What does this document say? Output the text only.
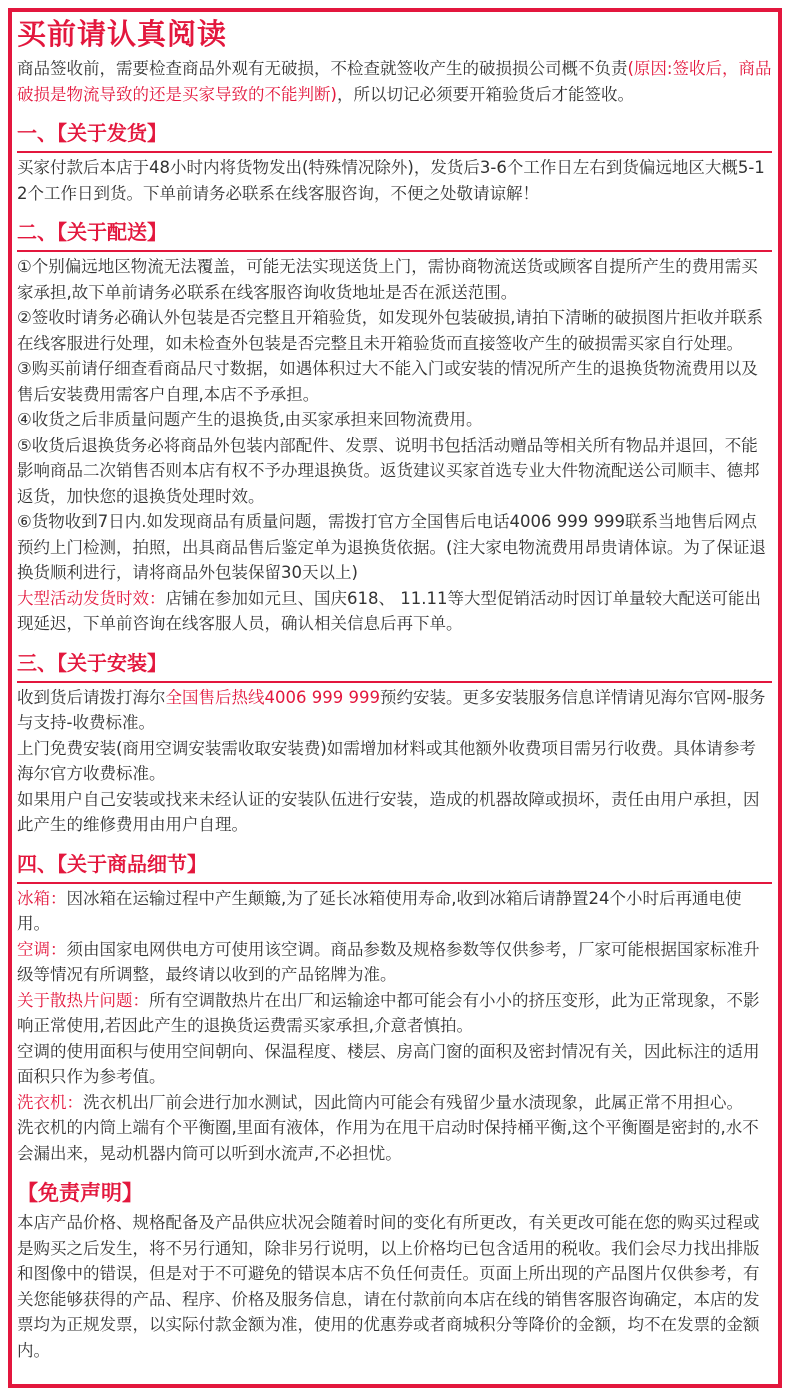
买前请认真阅读

商品签收前，需要检查商品外观有无破损，不检查就签收产生的破损损公司概不负责(原因:签收后，商品破损是物流导致的还是买家导致的不能判断)，所以切记必须要开箱验货后才能签收。

一、【关于发货】

买家付款后本店于48小时内将货物发出(特殊情况除外)，发货后3-6个工作日左右到货偏远地区大概5-12个工作日到货。下单前请务必联系在线客服咨询，不便之处敬请谅解！

二、【关于配送】

①个别偏远地区物流无法覆盖，可能无法实现送货上门，需协商物流送货或顾客自提所产生的费用需买家承担,故下单前请务必联系在线客服咨询收货地址是否在派送范围。

②签收时请务必确认外包装是否完整且开箱验货，如发现外包装破损,请拍下清晰的破损图片拒收并联系在线客服进行处理，如未检查外包装是否完整且未开箱验货而直接签收产生的破损需买家自行处理。

③购买前请仔细查看商品尺寸数据，如遇体积过大不能入门或安装的情况所产生的退换货物流费用以及售后安装费用需客户自理,本店不予承担。

④收货之后非质量问题产生的退换货,由买家承担来回物流费用。

⑤收货后退换货务必将商品外包装内部配件、发票、说明书包括活动赠品等相关所有物品并退回，不能影响商品二次销售否则本店有权不予办理退换货。返货建议买家首选专业大件物流配送公司顺丰、德邦返货，加快您的退换货处理时效。

⑥货物收到7日内.如发现商品有质量问题，需拨打官方全国售后电话4006 999 999联系当地售后网点预约上门检测，拍照，出具商品售后鉴定单为退换货依据。(注大家电物流费用昂贵请体谅。为了保证退换货顺利进行，请将商品外包装保留30天以上)

大型活动发货时效：店铺在参加如元旦、国庆618、 11.11等大型促销活动时因订单量较大配送可能出现延迟，下单前咨询在线客服人员，确认相关信息后再下单。

三、【关于安装】

收到货后请拨打海尔全国售后热线4006 999 999预约安装。更多安装服务信息详情请见海尔官网-服务与支持-收费标准。

上门免费安装(商用空调安装需收取安装费)如需增加材料或其他额外收费项目需另行收费。具体请参考海尔官方收费标准。

如果用户自己安装或找来未经认证的安装队伍进行安装，造成的机器故障或损坏，责任由用户承担，因此产生的维修费用由用户自理。

四、【关于商品细节】

冰箱：因冰箱在运输过程中产生颠簸,为了延长冰箱使用寿命,收到冰箱后请静置24个小时后再通电使用。

空调：须由国家电网供电方可使用该空调。商品参数及规格参数等仅供参考，厂家可能根据国家标准升级等情况有所调整，最终请以收到的产品铭牌为准。

关于散热片问题：所有空调散热片在出厂和运输途中都可能会有小小的挤压变形，此为正常现象，不影响正常使用,若因此产生的退换货运费需买家承担,介意者慎拍。

空调的使用面积与使用空间朝向、保温程度、楼层、房高门窗的面积及密封情况有关，因此标注的适用面积只作为参考值。

洗衣机：洗衣机出厂前会进行加水测试，因此筒内可能会有残留少量水渍现象，此属正常不用担心。

洗衣机的内筒上端有个平衡圈,里面有液体，作用为在甩干启动时保持桶平衡,这个平衡圈是密封的,水不会漏出来，晃动机器内筒可以听到水流声,不必担忧。

【免责声明】

本店产品价格、规格配备及产品供应状况会随着时间的变化有所更改，有关更改可能在您的购买过程或是购买之后发生，将不另行通知，除非另行说明，以上价格均已包含适用的税收。我们会尽力找出排版和图像中的错误，但是对于不可避免的错误本店不负任何责任。页面上所出现的产品图片仅供参考，有关您能够获得的产品、程序、价格及服务信息，请在付款前向本店在线的销售客服咨询确定，本店的发票均为正规发票，以实际付款金额为准，使用的优惠券或者商城积分等降价的金额，均不在发票的金额内。
